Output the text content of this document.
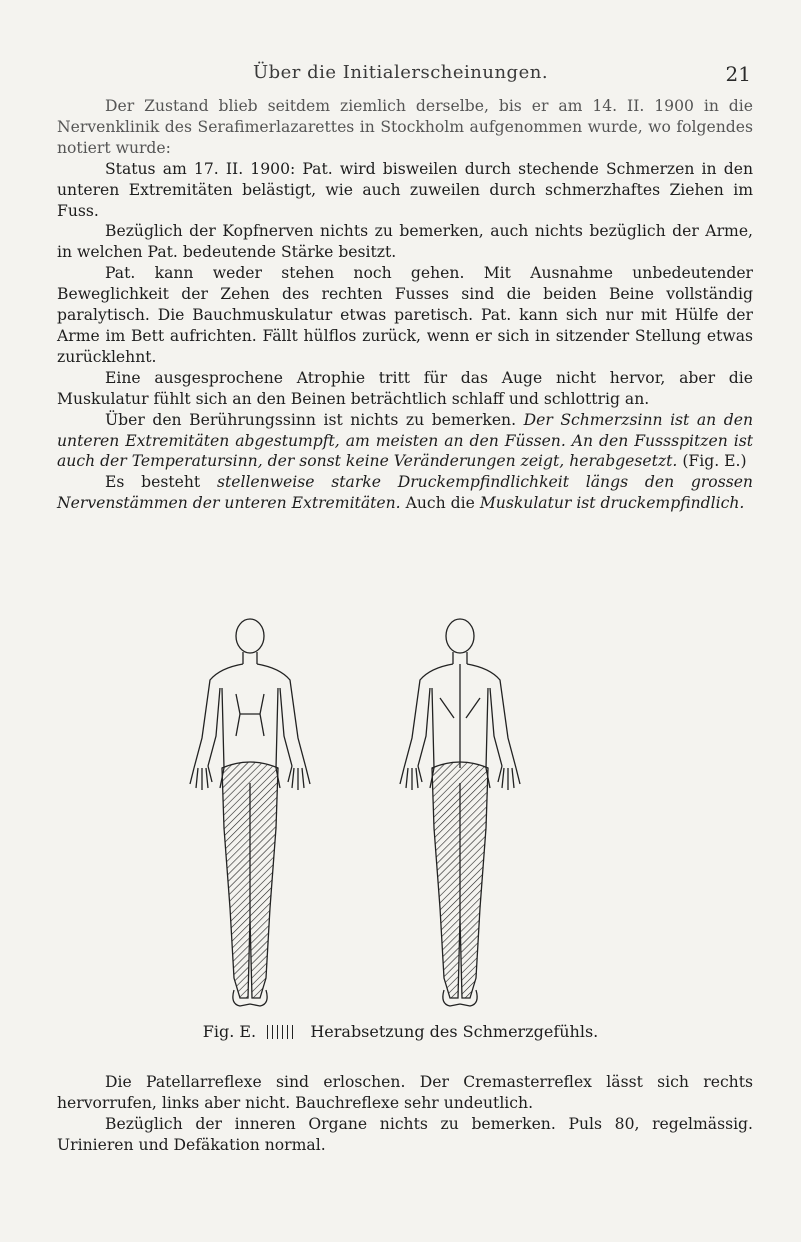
Über die Initialerscheinungen.	21

Der Zustand blieb seitdem ziemlich derselbe, bis er am 14. II. 1900 in die Nervenklinik des Serafimerlazarettes in Stockholm aufgenommen wurde, wo folgendes notiert wurde:

Status am 17. II. 1900: Pat. wird bisweilen durch stechende Schmerzen in den unteren Extremitäten belästigt, wie auch zuweilen durch schmerzhaftes Ziehen im Fuss.

Bezüglich der Kopfnerven nichts zu bemerken, auch nichts bezüglich der Arme, in welchen Pat. bedeutende Stärke besitzt.

Pat. kann weder stehen noch gehen. Mit Ausnahme unbedeutender Beweglichkeit der Zehen des rechten Fusses sind die beiden Beine vollständig paralytisch. Die Bauchmuskulatur etwas paretisch. Pat. kann sich nur mit Hülfe der Arme im Bett aufrichten. Fällt hülflos zurück, wenn er sich in sitzender Stellung etwas zurücklehnt.

Eine ausgesprochene Atrophie tritt für das Auge nicht hervor, aber die Muskulatur fühlt sich an den Beinen beträchtlich schlaff und schlottrig an.

Über den Berührungssinn ist nichts zu bemerken. Der Schmerzsinn ist an den unteren Extremitäten abgestumpft, am meisten an den Füssen. An den Fussspitzen ist auch der Temperatursinn, der sonst keine Veränderungen zeigt, herabgesetzt. (Fig. E.)

Es besteht stellenweise starke Druckempfindlichkeit längs den grossen Nervenstämmen der unteren Extremitäten. Auch die Muskulatur ist druckempfindlich.

Fig. E.	Herabsetzung des Schmerzgefühls.

Die Patellarreflexe sind erloschen. Der Cremasterreflex lässt sich rechts hervorrufen, links aber nicht. Bauchreflexe sehr undeutlich.

Bezüglich der inneren Organe nichts zu bemerken. Puls 80, regelmässig. Urinieren und Defäkation normal.
